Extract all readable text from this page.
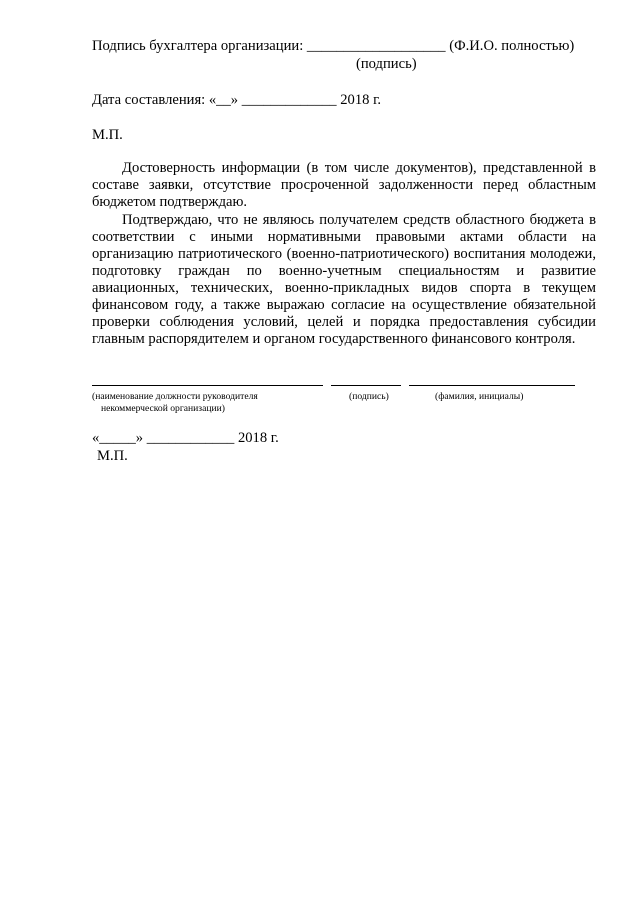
Подпись бухгалтера организации: ___________________ (Ф.И.О. полностью)
(подпись)
Дата составления: «__» _____________ 2018 г.
М.П.
Достоверность информации (в том числе документов), представленной в составе заявки, отсутствие просроченной задолженности перед областным бюджетом подтверждаю.
Подтверждаю, что не являюсь получателем средств областного бюджета в соответствии с иными нормативными правовыми актами области на организацию патриотического (военно-патриотического) воспитания молодежи, подготовку граждан по военно-учетным специальностям и развитие авиационных, технических, военно-прикладных видов спорта в текущем финансовом году, а также выражаю согласие на осуществление обязательной проверки соблюдения условий, целей и порядка предоставления субсидии главным распорядителем и органом государственного финансового контроля.
(наименование должности руководителя
некоммерческой организации)
(подпись)	(фамилия, инициалы)
«_____» ____________ 2018 г.
М.П.
